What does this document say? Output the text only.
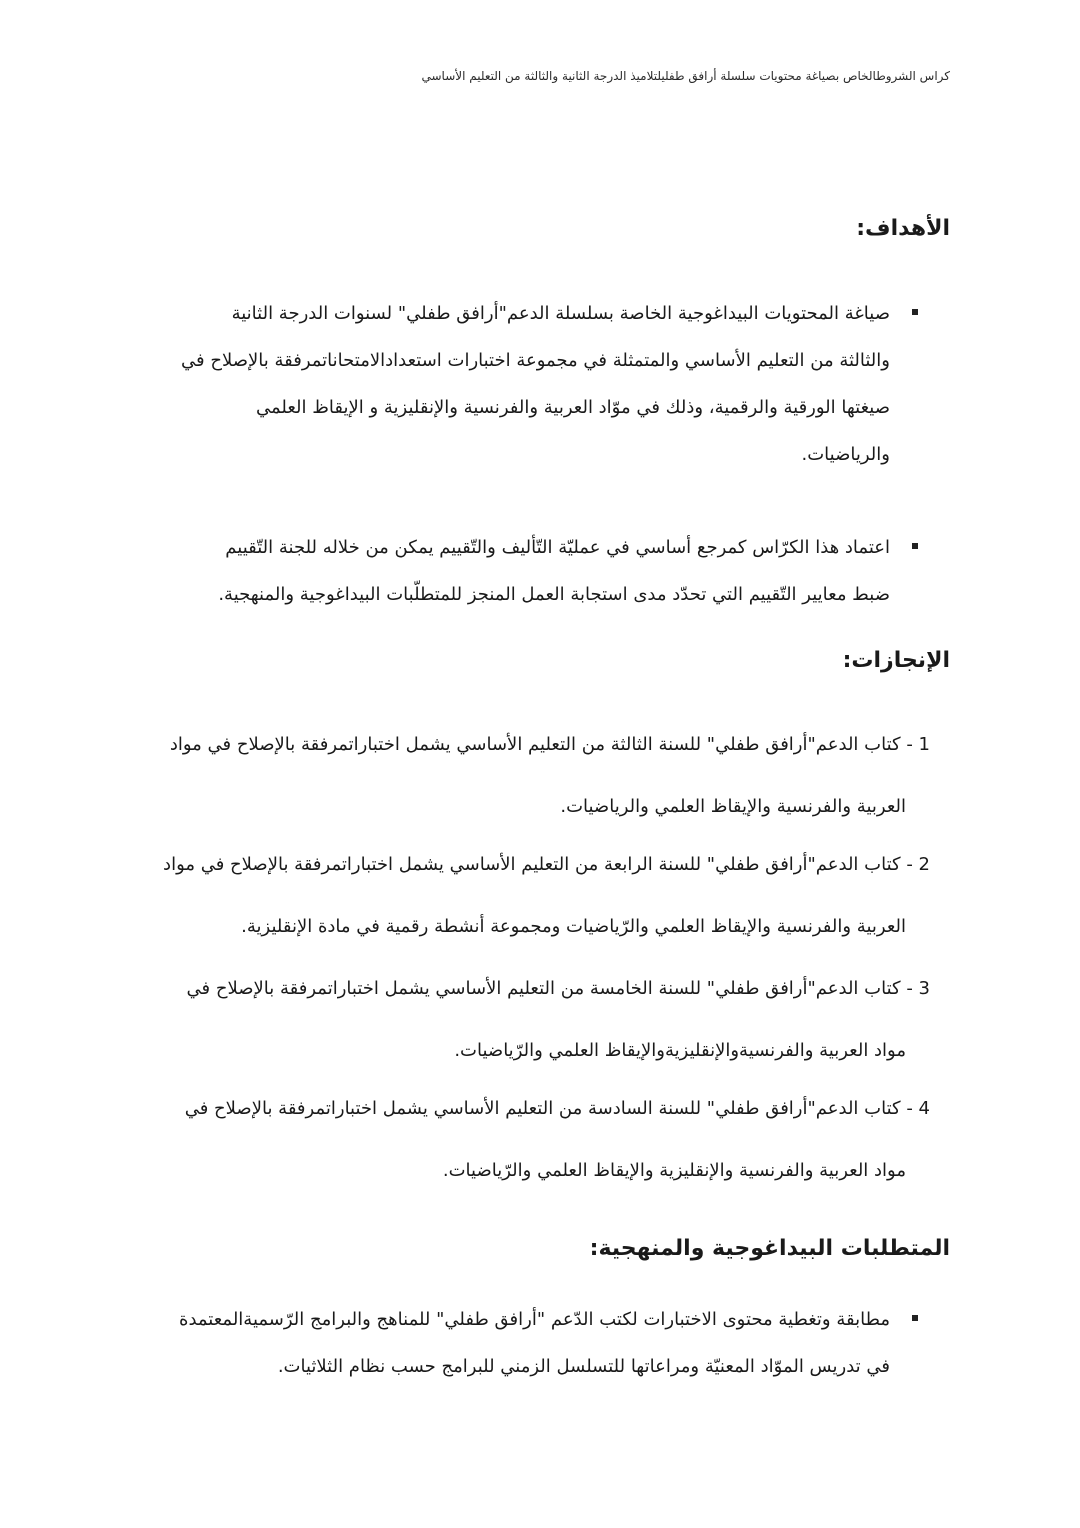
كراس الشروطالخاص بصياغة محتويات سلسلة أرافق طفليلتلاميذ الدرجة الثانية والثالثة من التعليم الأساسي
الأهداف:
صياغة المحتويات البيداغوجية الخاصة بسلسلة الدعم"أرافق طفلي" لسنوات الدرجة الثانية
والثالثة من التعليم الأساسي والمتمثلة في مجموعة اختبارات استعدادالامتحاناتمرفقة بالإصلاح في
صيغتها الورقية والرقمية، وذلك في موّاد العربية والفرنسية والإنقليزية و الإيقاظ العلمي
والرياضيات.
اعتماد هذا الكرّاس كمرجع أساسي في عمليّة التّأليف والتّقييم يمكن من خلاله للجنة التّقييم
ضبط معايير التّقييم التي تحدّد مدى استجابة العمل المنجز للمتطلّبات البيداغوجية والمنهجية.
الإنجازات:
1 - كتاب الدعم"أرافق طفلي" للسنة الثالثة من التعليم الأساسي يشمل اختباراتمرفقة بالإصلاح في مواد
العربية والفرنسية والإيقاظ العلمي والرياضيات.
2 - كتاب الدعم"أرافق طفلي" للسنة الرابعة من التعليم الأساسي يشمل اختباراتمرفقة بالإصلاح في مواد
العربية والفرنسية والإيقاظ العلمي والرّياضيات ومجموعة أنشطة رقمية في مادة الإنقليزية.
3 - كتاب الدعم"أرافق طفلي" للسنة الخامسة من التعليم الأساسي يشمل اختباراتمرفقة بالإصلاح في
مواد العربية والفرنسيةوالإنقليزيةوالإيقاظ العلمي والرّياضيات.
4 - كتاب الدعم"أرافق طفلي" للسنة السادسة من التعليم الأساسي يشمل اختباراتمرفقة بالإصلاح في
مواد العربية والفرنسية والإنقليزية والإيقاظ العلمي والرّياضيات.
المتطلبات البيداغوجية والمنهجية:
مطابقة وتغطية محتوى الاختبارات لكتب الدّعم "أرافق طفلي" للمناهج والبرامج الرّسميةالمعتمدة
في تدريس الموّاد المعنيّة ومراعاتها للتسلسل الزمني للبرامج حسب نظام الثلاثيات.
